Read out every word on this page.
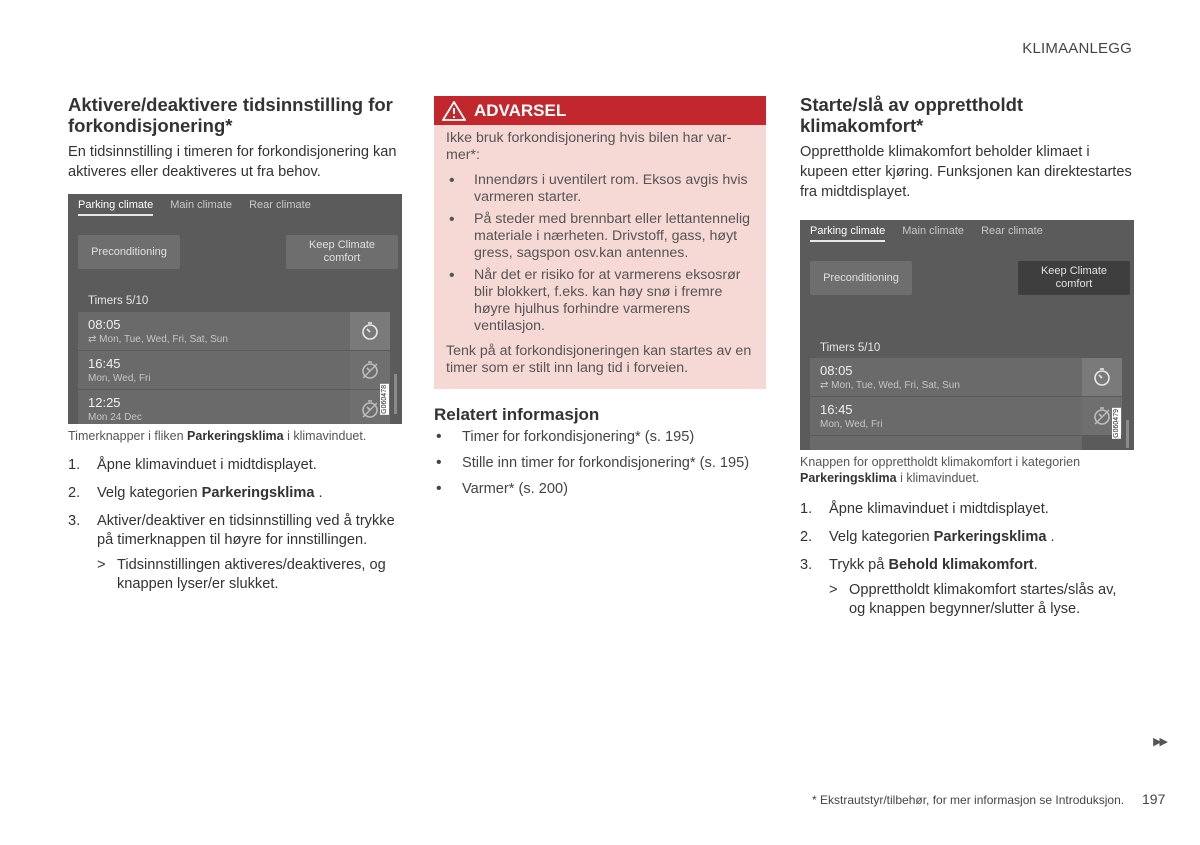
KLIMAANLEGG
Aktivere/deaktivere tidsinnstilling for forkondisjonering*

En tidsinnstilling i timeren for forkondisjonering kan aktiveres eller deaktiveres ut fra behov.

Parking climate Main climate Rear climate
Preconditioning
Keep Climate comfort
Timers 5/10
08:05
⇄ Mon, Tue, Wed, Fri, Sat, Sun
16:45
Mon, Wed, Fri
12:25
Mon 24 Dec
G060478
Timerknapper i fliken Parkeringsklima i klimavinduet.
1. Åpne klimavinduet i midtdisplayet.
2. Velg kategorien Parkeringsklima .
3. Aktiver/deaktiver en tidsinnstilling ved å trykke på timerknappen til høyre for innstillingen.
> Tidsinnstillingen aktiveres/deaktiveres, og knappen lyser/er slukket.
ADVARSEL
Ikke bruk forkondisjonering hvis bilen har varmer*:
• Innendørs i uventilert rom. Eksos avgis hvis varmeren starter.
• På steder med brennbart eller lettantennelig materiale i nærheten. Drivstoff, gass, høyt gress, sagspon osv.kan antennes.
• Når det er risiko for at varmerens eksosrør blir blokkert, f.eks. kan høy snø i fremre høyre hjulhus forhindre varmerens ventilasjon.
Tenk på at forkondisjoneringen kan startes av en timer som er stilt inn lang tid i forveien.
Relatert informasjon
• Timer for forkondisjonering* (s. 195)
• Stille inn timer for forkondisjonering* (s. 195)
• Varmer* (s. 200)
Starte/slå av opprettholdt klimakomfort*

Opprettholde klimakomfort beholder klimaet i kupeen etter kjøring. Funksjonen kan direktestartes fra midtdisplayet.

Parking climate Main climate Rear climate
Preconditioning
Keep Climate comfort
Timers 5/10
08:05
⇄ Mon, Tue, Wed, Fri, Sat, Sun
16:45
Mon, Wed, Fri	G060479
Knappen for opprettholdt klimakomfort i kategorien Parkeringsklima i klimavinduet.
1. Åpne klimavinduet i midtdisplayet.
2. Velg kategorien Parkeringsklima .
3. Trykk på Behold klimakomfort.
> Opprettholdt klimakomfort startes/slås av, og knappen begynner/slutter å lyse.
▶▶
* Ekstrautstyr/tilbehør, for mer informasjon se Introduksjon. 197
